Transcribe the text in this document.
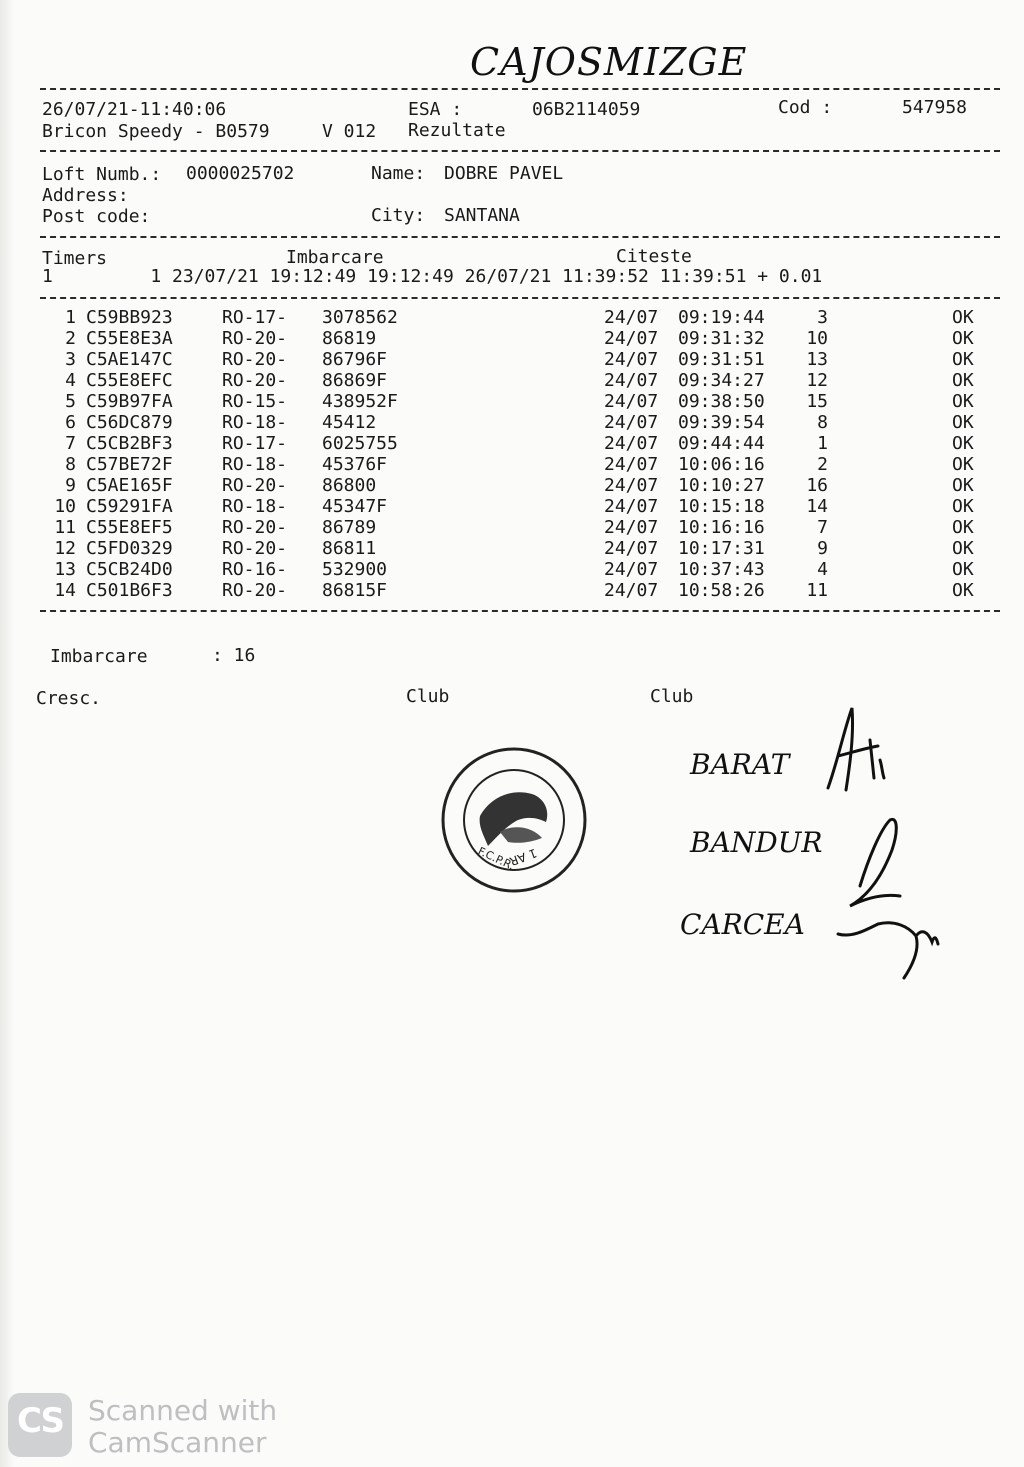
CAJOSMIZGE
26/07/21-11:40:06	ESA :	06B2114059	Cod :	547958
Bricon Speedy - B0579	V 012 Rezultate
Loft Numb.: 0000025702	Name: DOBRE PAVEL
Address:
Post code:	City: SANTANA
Timers	Imbarcare	Citeste
1         1 23/07/21 19:12:49 19:12:49 26/07/21 11:39:52 11:39:51 + 0.01
1 C59BB923	RO-17- 3078562	24/07 09:19:44	3	OK
2 C55E8E3A	RO-20- 86819	24/07 09:31:32	10	OK
3 C5AE147C	RO-20- 86796F	24/07 09:31:51	13	OK
4 C55E8EFC	RO-20- 86869F	24/07 09:34:27	12	OK
5 C59B97FA	RO-15- 438952F	24/07 09:38:50	15	OK
6 C56DC879	RO-18- 45412	24/07 09:39:54	8	OK
7 C5CB2BF3	RO-17- 6025755	24/07 09:44:44	1	OK
8 C57BE72F	RO-18- 45376F	24/07 10:06:16	2	OK
9 C5AE165F	RO-20- 86800	24/07 10:10:27	16	OK
10 C59291FA	RO-18- 45347F	24/07 10:15:18	14	OK
11 C55E8EF5	RO-20- 86789	24/07 10:16:16	7	OK
12 C5FD0329	RO-20- 86811	24/07 10:17:31	9	OK
13 C5CB24D0	RO-16- 532900	24/07 10:37:43	4	OK
14 C501B6F3	RO-20- 86815F	24/07 10:58:26	11	OK
Imbarcare	: 16
Cresc.	Club	Club
F.C.P.R.
1 AR
BARAT
BANDUR
CARCEA
CS Scanned with
CamScanner
